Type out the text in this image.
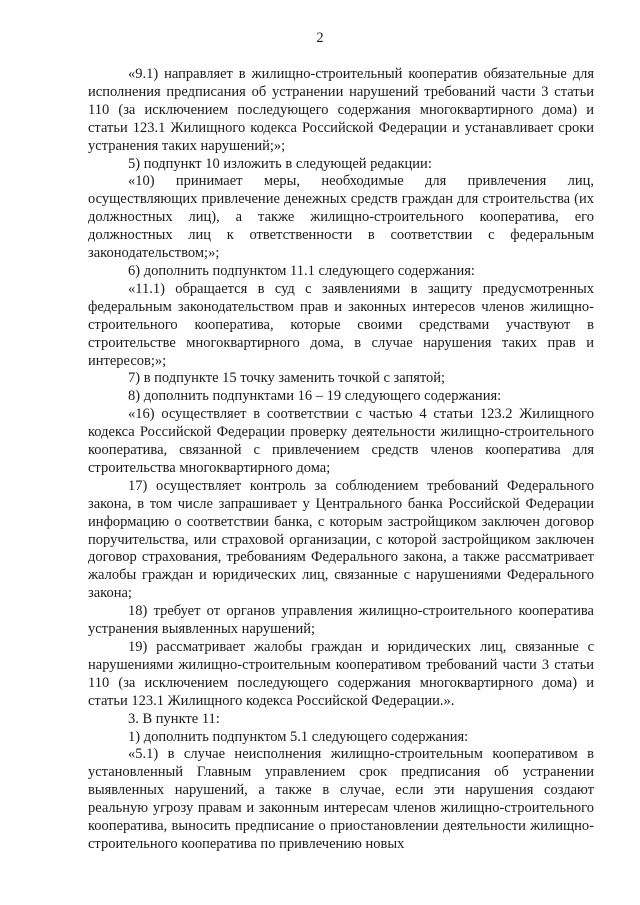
2

«9.1) направляет в жилищно-строительный кооператив обязательные для исполнения предписания об устранении нарушений требований части 3 статьи 110 (за исключением последующего содержания многоквартирного дома) и статьи 123.1 Жилищного кодекса Российской Федерации и устанавливает сроки устранения таких нарушений;»;

5) подпункт 10 изложить в следующей редакции:

«10) принимает меры, необходимые для привлечения лиц, осуществляющих привлечение денежных средств граждан для строительства (их должностных лиц), а также жилищно-строительного кооператива, его должностных лиц к ответственности в соответствии с федеральным законодательством;»;

6) дополнить подпунктом 11.1 следующего содержания:

«11.1) обращается в суд с заявлениями в защиту предусмотренных федеральным законодательством прав и законных интересов членов жилищно-строительного кооператива, которые своими средствами участвуют в строительстве многоквартирного дома, в случае нарушения таких прав и интересов;»;

7) в подпункте 15 точку заменить точкой с запятой;

8) дополнить подпунктами 16 – 19 следующего содержания:

«16) осуществляет в соответствии с частью 4 статьи 123.2 Жилищного кодекса Российской Федерации проверку деятельности жилищно-строительного кооператива, связанной с привлечением средств членов кооператива для строительства многоквартирного дома;

17) осуществляет контроль за соблюдением требований Федерального закона, в том числе запрашивает у Центрального банка Российской Федерации информацию о соответствии банка, с которым застройщиком заключен договор поручительства, или страховой организации, с которой застройщиком заключен договор страхования, требованиям Федерального закона, а также рассматривает жалобы граждан и юридических лиц, связанные с нарушениями Федерального закона;

18) требует от органов управления жилищно-строительного кооператива устранения выявленных нарушений;

19) рассматривает жалобы граждан и юридических лиц, связанные с нарушениями жилищно-строительным кооперативом требований части 3 статьи 110 (за исключением последующего содержания многоквартирного дома) и статьи 123.1 Жилищного кодекса Российской Федерации.».

3. В пункте 11:

1) дополнить подпунктом 5.1 следующего содержания:

«5.1) в случае неисполнения жилищно-строительным кооперативом в установленный Главным управлением срок предписания об устранении выявленных нарушений, а также в случае, если эти нарушения создают реальную угрозу правам и законным интересам членов жилищно-строительного кооператива, выносить предписание о приостановлении деятельности жилищно-строительного кооператива по привлечению новых
